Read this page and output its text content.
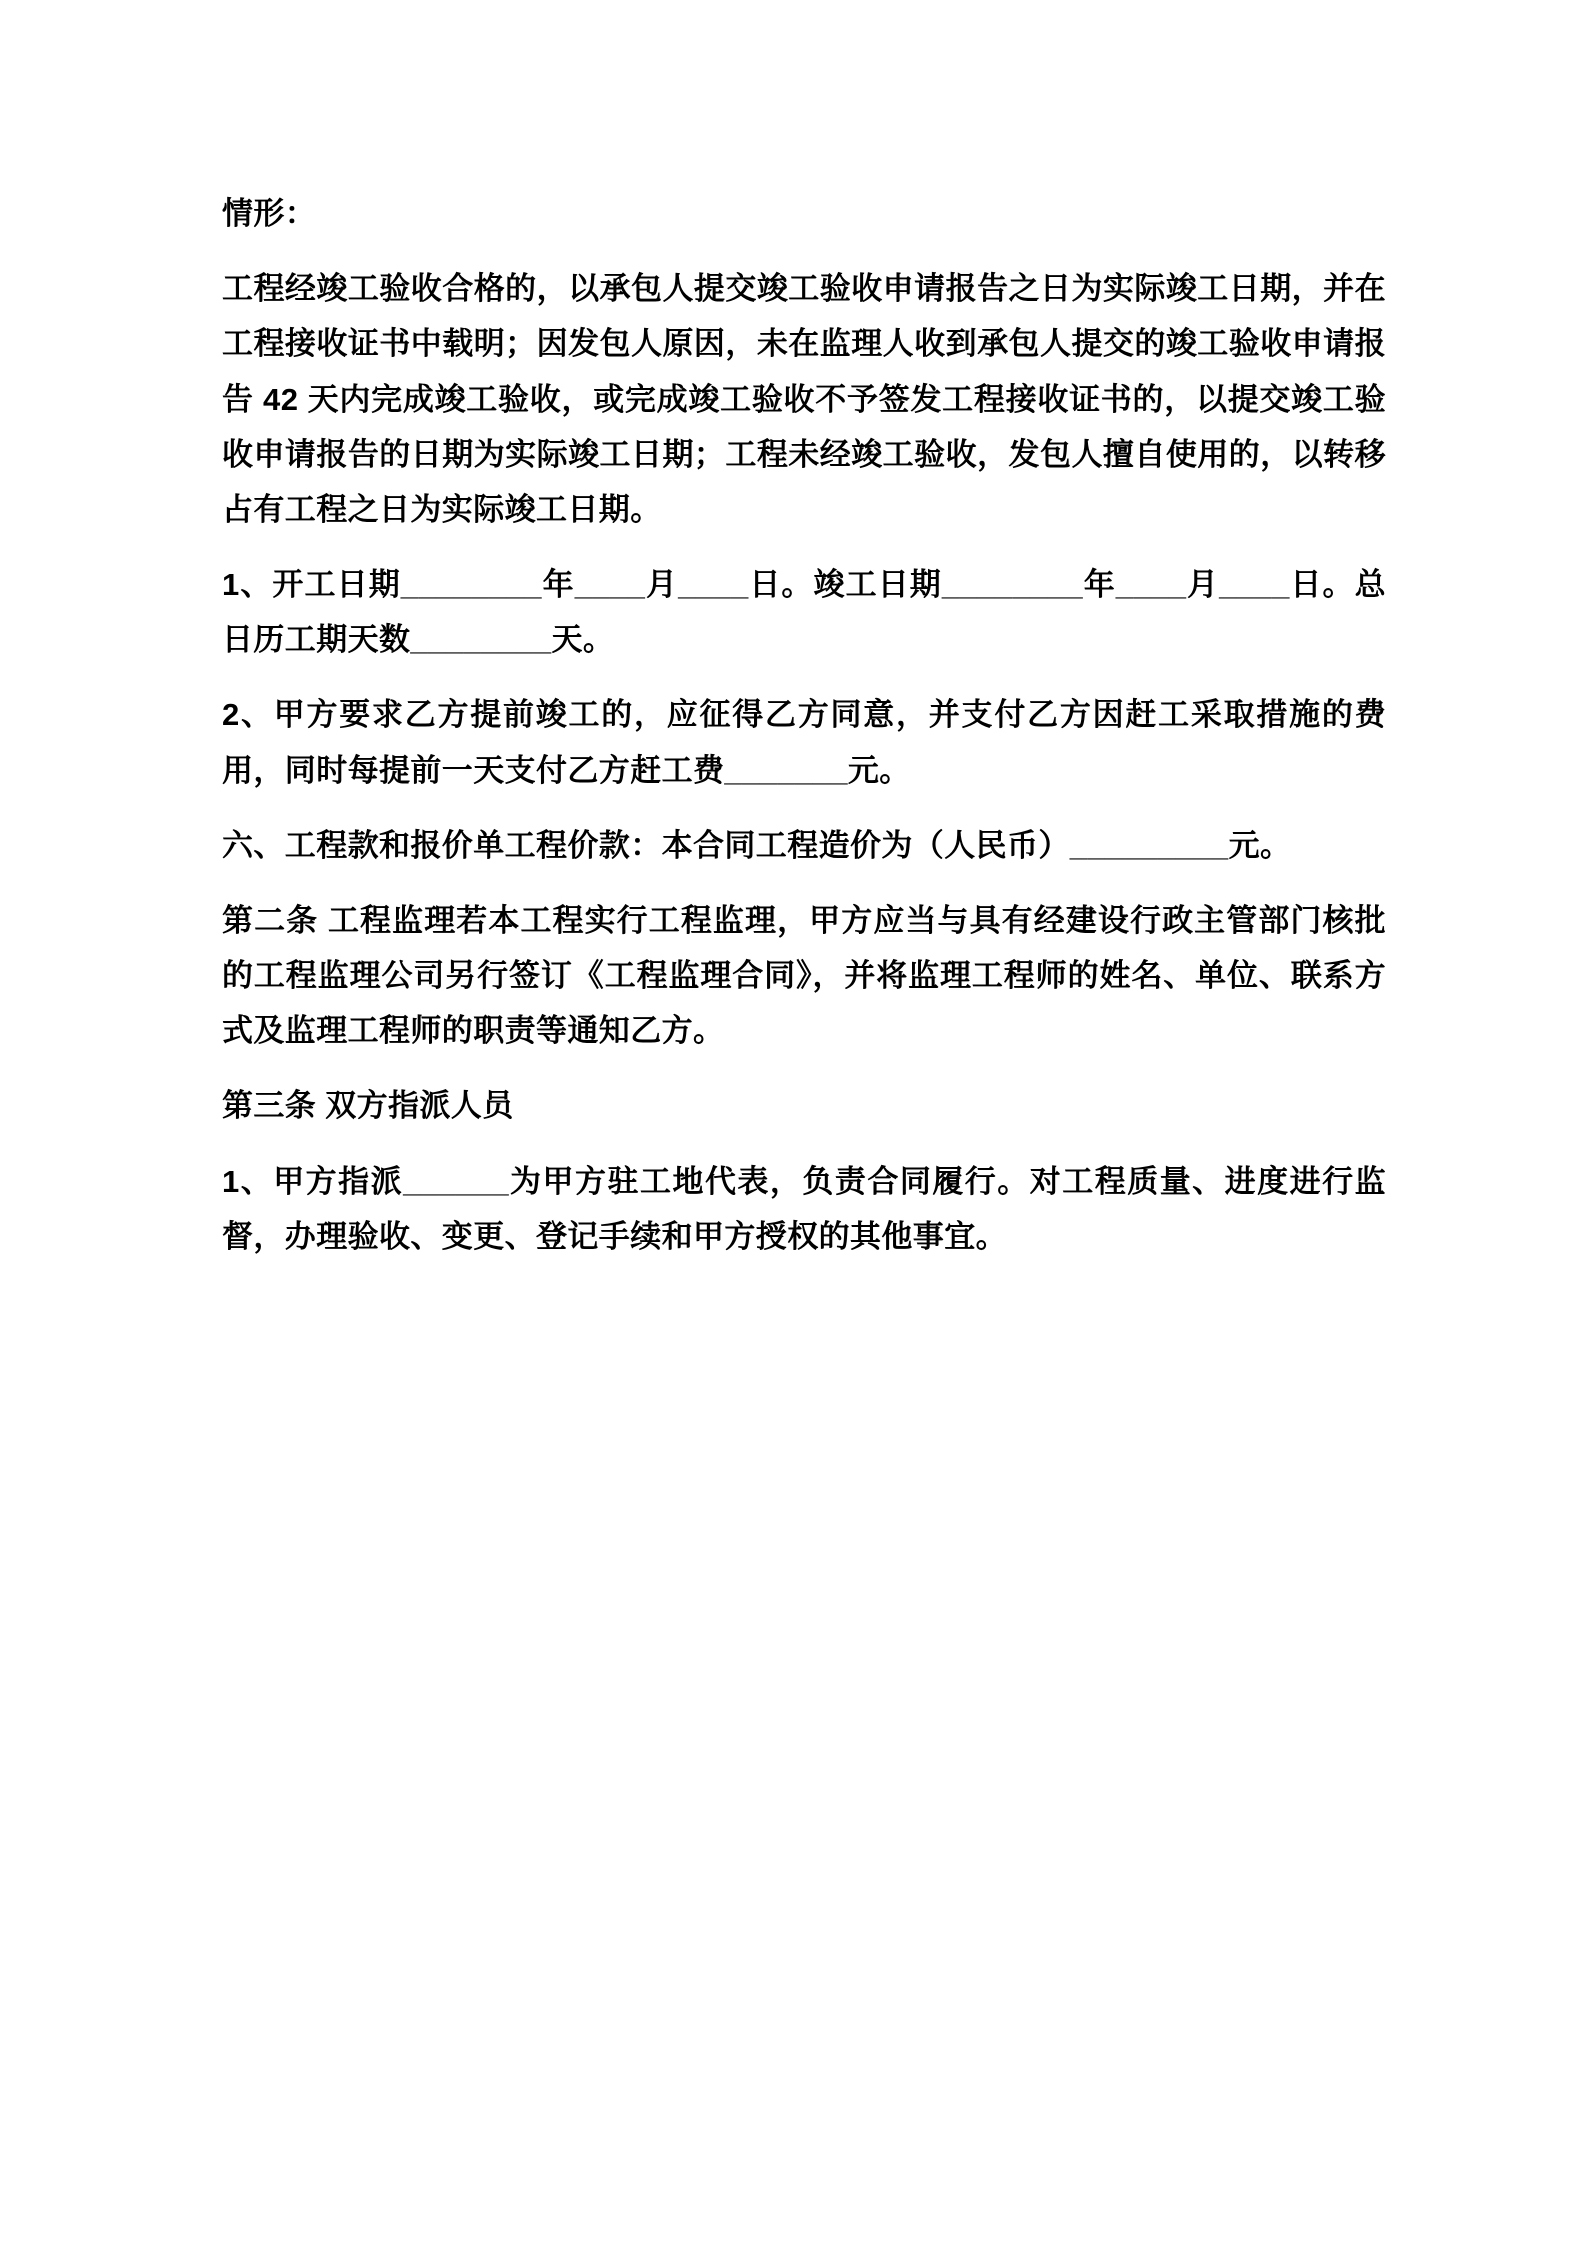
情形：

工程经竣工验收合格的，以承包人提交竣工验收申请报告之日为实际竣工日期，并在工程接收证书中载明；因发包人原因，未在监理人收到承包人提交的竣工验收申请报告 42 天内完成竣工验收，或完成竣工验收不予签发工程接收证书的，以提交竣工验收申请报告的日期为实际竣工日期；工程未经竣工验收，发包人擅自使用的，以转移占有工程之日为实际竣工日期。

1、开工日期________年____月____日。竣工日期________年____月____日。总日历工期天数________天。

2、甲方要求乙方提前竣工的，应征得乙方同意，并支付乙方因赶工采取措施的费用，同时每提前一天支付乙方赶工费_______元。

六、工程款和报价单工程价款：本合同工程造价为（人民币）_________元。

第二条 工程监理若本工程实行工程监理，甲方应当与具有经建设行政主管部门核批的工程监理公司另行签订《工程监理合同》，并将监理工程师的姓名、单位、联系方式及监理工程师的职责等通知乙方。

第三条 双方指派人员

1、甲方指派______为甲方驻工地代表，负责合同履行。对工程质量、进度进行监督，办理验收、变更、登记手续和甲方授权的其他事宜。
